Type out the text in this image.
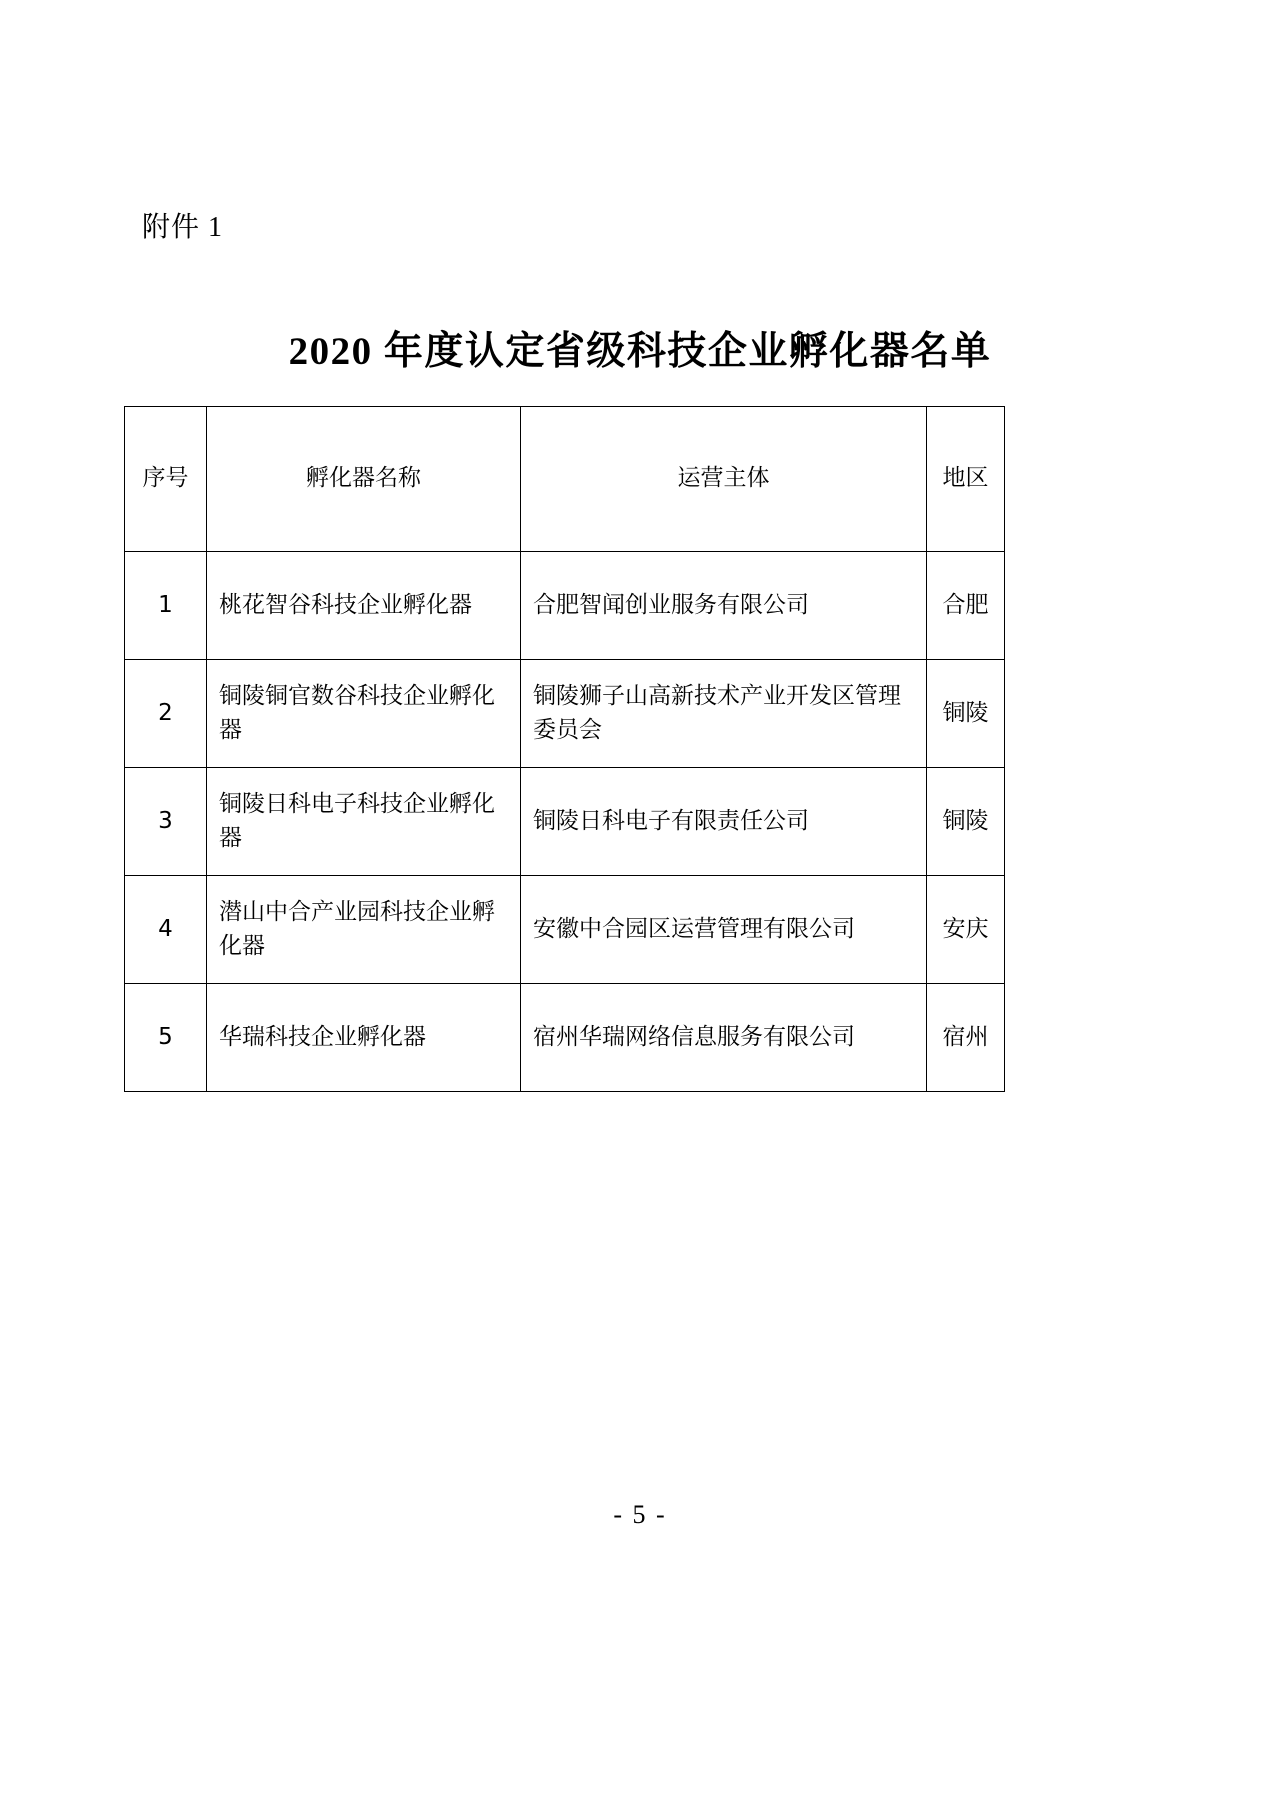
附件 1
2020 年度认定省级科技企业孵化器名单
序号	孵化器名称	运营主体	地区
1	桃花智谷科技企业孵化器	合肥智闻创业服务有限公司	合肥
2	铜陵铜官数谷科技企业孵化器	铜陵狮子山高新技术产业开发区管理委员会	铜陵
3	铜陵日科电子科技企业孵化器	铜陵日科电子有限责任公司	铜陵
4	潜山中合产业园科技企业孵化器	安徽中合园区运营管理有限公司	安庆
5	华瑞科技企业孵化器	宿州华瑞网络信息服务有限公司	宿州
- 5 -
